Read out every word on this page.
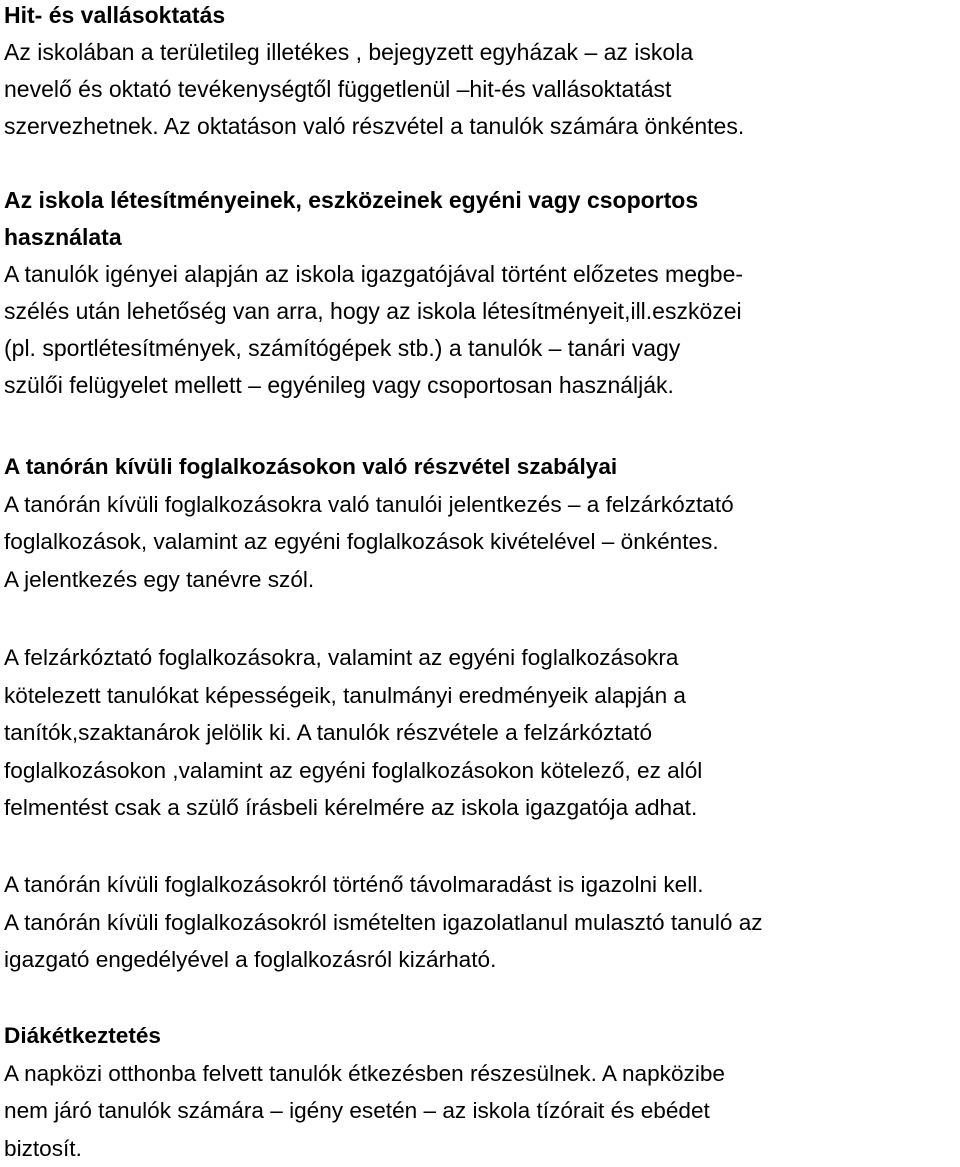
Hit- és vallásoktatás

Az iskolában a területileg illetékes , bejegyzett egyházak – az iskola

nevelő és oktató tevékenységtől függetlenül –hit-és vallásoktatást

szervezhetnek. Az oktatáson való részvétel a tanulók számára önkéntes.

Az iskola létesítményeinek, eszközeinek egyéni vagy csoportos

használata

A tanulók igényei alapján az iskola igazgatójával történt előzetes megbe-

szélés után lehetőség van arra, hogy az iskola létesítményeit,ill.eszközei

(pl. sportlétesítmények, számítógépek stb.) a tanulók – tanári vagy

szülői felügyelet mellett – egyénileg vagy csoportosan használják.

A tanórán kívüli foglalkozásokon való részvétel szabályai

A tanórán kívüli foglalkozásokra való tanulói jelentkezés – a felzárkóztató

foglalkozások, valamint az egyéni foglalkozások kivételével – önkéntes.

A jelentkezés egy tanévre szól.

A felzárkóztató foglalkozásokra, valamint az egyéni foglalkozásokra

kötelezett tanulókat képességeik, tanulmányi eredményeik alapján a

tanítók,szaktanárok jelölik ki. A tanulók részvétele a felzárkóztató

foglalkozásokon ,valamint az egyéni foglalkozásokon kötelező, ez alól

felmentést csak a szülő írásbeli kérelmére az iskola igazgatója adhat.

A tanórán kívüli foglalkozásokról történő távolmaradást is igazolni kell.

A tanórán kívüli foglalkozásokról ismételten igazolatlanul mulasztó tanuló az

igazgató engedélyével a foglalkozásról kizárható.

Diákétkeztetés

A napközi otthonba felvett tanulók étkezésben részesülnek. A napközibe

nem járó tanulók számára – igény esetén – az iskola tízórait és ebédet

biztosít.
